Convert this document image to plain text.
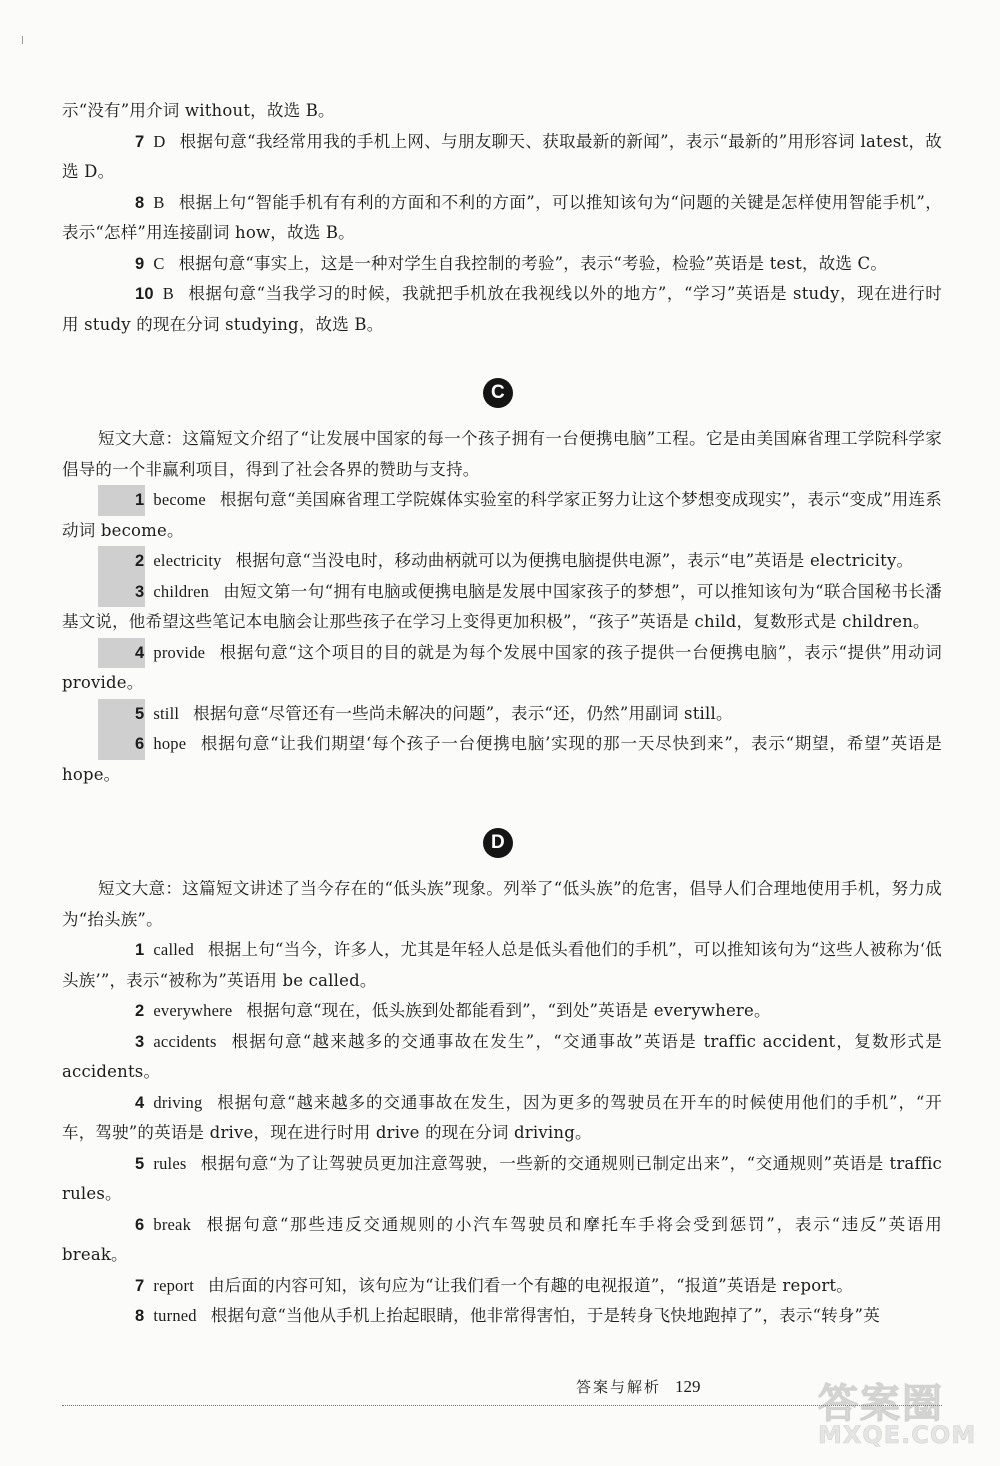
示“没有”用介词 without，故选 B。

7 D 根据句意“我经常用我的手机上网、与朋友聊天、获取最新的新闻”，表示“最新的”用形容词 latest，故选 D。

8 B 根据上句“智能手机有有利的方面和不利的方面”，可以推知该句为“问题的关键是怎样使用智能手机”，表示“怎样”用连接副词 how，故选 B。

9 C 根据句意“事实上，这是一种对学生自我控制的考验”，表示“考验，检验”英语是 test，故选 C。

10 B 根据句意“当我学习的时候，我就把手机放在我视线以外的地方”，“学习”英语是 study，现在进行时用 study 的现在分词 studying，故选 B。

C

短文大意：这篇短文介绍了“让发展中国家的每一个孩子拥有一台便携电脑”工程。它是由美国麻省理工学院科学家倡导的一个非赢利项目，得到了社会各界的赞助与支持。

1 become 根据句意“美国麻省理工学院媒体实验室的科学家正努力让这个梦想变成现实”，表示“变成”用连系动词 become。

2 electricity 根据句意“当没电时，移动曲柄就可以为便携电脑提供电源”，表示“电”英语是 electricity。

3 children 由短文第一句“拥有电脑或便携电脑是发展中国家孩子的梦想”，可以推知该句为“联合国秘书长潘基文说，他希望这些笔记本电脑会让那些孩子在学习上变得更加积极”，“孩子”英语是 child，复数形式是 children。

4 provide 根据句意“这个项目的目的就是为每个发展中国家的孩子提供一台便携电脑”，表示“提供”用动词 provide。

5 still 根据句意“尽管还有一些尚未解决的问题”，表示“还，仍然”用副词 still。

6 hope 根据句意“让我们期望‘每个孩子一台便携电脑’实现的那一天尽快到来”，表示“期望，希望”英语是 hope。

D

短文大意：这篇短文讲述了当今存在的“低头族”现象。列举了“低头族”的危害，倡导人们合理地使用手机，努力成为“抬头族”。

1 called 根据上句“当今，许多人，尤其是年轻人总是低头看他们的手机”，可以推知该句为“这些人被称为‘低头族’”，表示“被称为”英语用 be called。

2 everywhere 根据句意“现在，低头族到处都能看到”，“到处”英语是 everywhere。

3 accidents 根据句意“越来越多的交通事故在发生”，“交通事故”英语是 traffic accident，复数形式是 accidents。

4 driving 根据句意“越来越多的交通事故在发生，因为更多的驾驶员在开车的时候使用他们的手机”，“开车，驾驶”的英语是 drive，现在进行时用 drive 的现在分词 driving。

5 rules 根据句意“为了让驾驶员更加注意驾驶，一些新的交通规则已制定出来”，“交通规则”英语是 traffic rules。

6 break 根据句意“那些违反交通规则的小汽车驾驶员和摩托车手将会受到惩罚”，表示“违反”英语用 break。

7 report 由后面的内容可知，该句应为“让我们看一个有趣的电视报道”，“报道”英语是 report。

8 turned 根据句意“当他从手机上抬起眼睛，他非常得害怕，于是转身飞快地跑掉了”，表示“转身”英

答案与解析 129	答案圈
MXQE.COM
